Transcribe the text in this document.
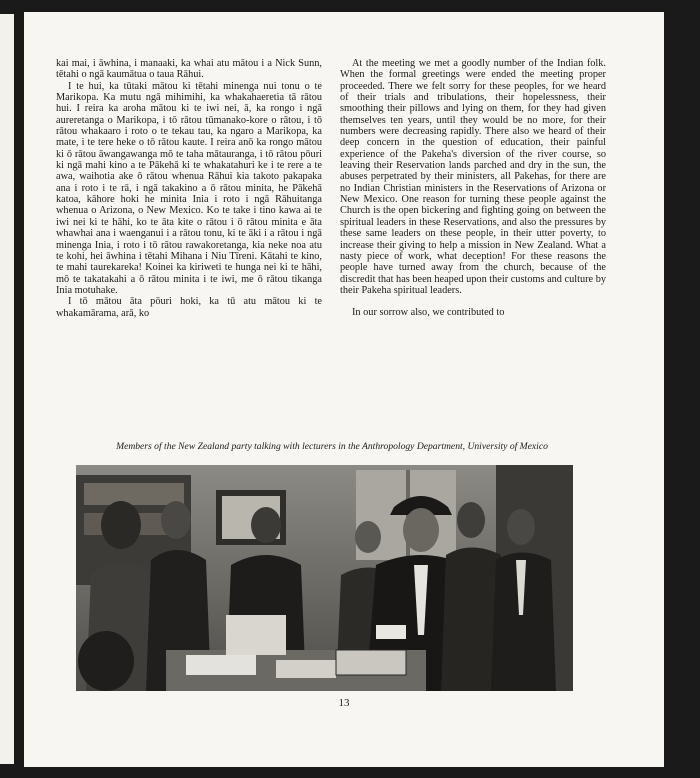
kai mai, i āwhina, i manaaki, ka whai atu mātou i a Nick Sunn, tētahi o ngā kaumātua o taua Rāhui.

I te hui, ka tūtaki mātou ki tētahi minenga nui tonu o te Marikopa. Ka mutu ngā mihimihi, ka whakahaeretia tā rātou hui. I reira ka aroha mātou ki te iwi nei, ā, ka rongo i ngā aureretanga o Marikopa, i tō rātou tūmanako-kore o rātou, i tō rātou whakaaro i roto o te tekau tau, ka ngaro a Marikopa, ka mate, i te tere heke o tō rātou kaute. I reira anō ka rongo mātou ki ō rātou āwangawanga mō te taha mātauranga, i tō rātou pōuri ki ngā mahi kino a te Pākehā ki te whakatahuri ke i te rere a te awa, waihotia ake ō rātou whenua Rāhui kia takoto pakapaka ana i roto i te rā, i ngā takakino a ō rātou minita, he Pākehā katoa, kāhore hoki he minita Inia i roto i ngā Rāhuitanga whenua o Arizona, o New Mexico. Ko te take i tino kawa ai te iwi nei ki te hāhi, ko te āta kite o rātou i ō rātou minita e āta whawhai ana i waenganui i a rātou tonu, ki te āki i a rātou i ngā minenga Inia, i roto i tō rātou rawakoretanga, kia neke noa atu te kohi, hei āwhina i tētahi Mihana i Niu Tīreni. Kātahi te kino, te mahi taurekareka! Koinei ka kiriweti te hunga nei ki te hāhi, mō te takatakahi a ō rātou minita i te iwi, me ō rātou tikanga Inia motuhake.

I tō mātou āta pōuri hoki, ka tū atu mātou ki te whakamārama, arā, ko

At the meeting we met a goodly number of the Indian folk. When the formal greetings were ended the meeting proper proceeded. There we felt sorry for these peoples, for we heard of their trials and tribulations, their hopelessness, their smoothing their pillows and lying on them, for they had given themselves ten years, until they would be no more, for their numbers were decreasing rapidly. There also we heard of their deep concern in the question of education, their painful experience of the Pakeha's diversion of the river course, so leaving their Reservation lands parched and dry in the sun, the abuses perpetrated by their ministers, all Pakehas, for there are no Indian Christian ministers in the Reservations of Arizona or New Mexico. One reason for turning these people against the Church is the open bickering and fighting going on between the spiritual leaders in these Reservations, and also the pressures by these same leaders on these people, in their utter poverty, to increase their giving to help a mission in New Zealand. What a nasty piece of work, what deception! For these reasons the people have turned away from the church, because of the discredit that has been heaped upon their customs and culture by their Pakeha spiritual leaders.

In our sorrow also, we contributed to

Members of the New Zealand party talking with lecturers in the Anthropology Department, University of Mexico
13
